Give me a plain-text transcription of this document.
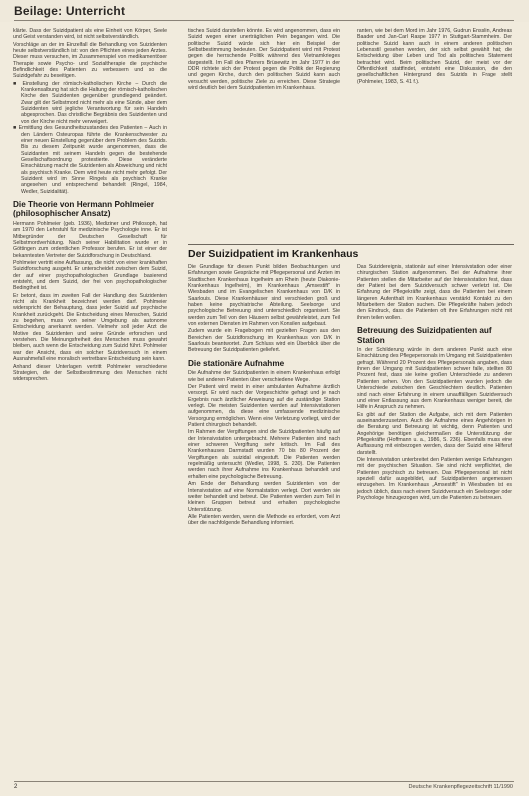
Beilage: Unterricht

klärte. Dass der Suizidpatient als eine Einheit von Körper, Seele und Geist verstanden wird, ist nicht selbstverständlich.

Vorschläge an der im Einzelfall die Behandlung von Suizidenten heute selbstverständlich ist: von den Pflichten eines jeden Arztes. Dieser muss versuchen, im Zusammenspiel von medikamentöser Therapie sowie Psycho- und Sozialtherapie die psychische Befindlichkeit des Patienten zu verbessern und so die Suizidgefahr zu beseitigen.

■ Einstellung der römisch-katholischen Kirche – Durch die Krankensalbung hat sich die Haltung der römisch-katholischen Kirche den Suizidenten gegenüber grundlegend geändert. Zwar gilt der Selbstmord nicht mehr als eine Sünde, aber dem Suizidenten wird jegliche Verantwortung für sein Handeln abgesprochen. Das christliche Begräbnis des Suizidenten und von der Kirche nicht mehr verweigert.

■ Ermittlung des Gesundheitszustandes des Patienten – Auch in den Ländern Osteuropas führte die Krankenschwester zu einer neuen Einstellung gegenüber dem Problem des Suizids. Bis zu diesem Zeitpunkt wurde angenommen, dass die Suizidanten mit seinem Handeln gegen die bestehende Gesellschaftsordnung protestierte. Diese veränderte Einschätzung macht die Suizidenten als Abweichung und nicht als psychisch Kranke. Dem wird heute nicht mehr gefolgt. Der Suizident wird im Sinne Ringels als psychisch Kranke angesehen und entsprechend behandelt (Ringel, 1984, Wedler, Suizidalität).

Die Theorie von Hermann Pohlmeier (philosophischer Ansatz)

Hermann Pohlmeier (geb. 1936), Mediziner und Philosoph, hat am 1970 den Lehrstuhl für medizinische Psychologie inne. Er ist Mitbegründer der Deutschen Gesellschaft für Selbstmordverhütung. Nach seiner Habilitation wurde er in Göttingen zum ordentlichen Professor berufen. Er ist einer der bekanntesten Vertreter der Suizidforschung in Deutschland.

Pohlmeier vertritt eine Auffassung, die nicht von einer krankhaften Suizidforschung ausgeht. Er unterscheidet zwischen dem Suizid, der auf einer psychopathologischen Grundlage basierend entsteht, und dem Suizid, der frei von psychopathologischer Bedingtheit ist.

Er betont, dass im zweiten Fall der Handlung des Suizidenten nicht als Krankheit bezeichnet werden darf. Pohlmeier widerspricht der Behauptung, dass jeder Suizid auf psychische Krankheit zurückgeht. Die Entscheidung eines Menschen, Suizid zu begehen, muss von seiner Umgebung als autonome Entscheidung anerkannt werden. Vielmehr soll jeder Arzt die Motive des Suizidenten und seine Gründe erforschen und verstehen. Die Meinungsfreiheit des Menschen muss gewahrt bleiben, auch wenn die Entscheidung zum Suizid führt. Pohlmeier war der Ansicht, dass ein solcher Suizidversuch in einem Ausnahmefall eine moralisch vertretbare Entscheidung sein kann.

Anhand dieser Unterlagen vertritt Pohlmeier verschiedene Strategien, die der Selbstbestimmung des Menschen nicht widersprechen.

tisches Suizid darstellen könnte. Es wird angenommen, dass ein Suizid wegen einer unerträglichen Pein begangen wird. Die politische Suizid würde sich hier ein Beispiel der Selbstbestimmung bedeuten. Der Suizidpatient wird mit Protest gegen die herrschende Politik während des Vietnamkrieges dargestellt. Im Fall des Pfarrers Brüsewitz im Jahr 1977 in der DDR richtete sich der Protest gegen die Politik der Regierung und gegen Kirche, durch den politischen Suizid kann auch versucht werden, politische Ziele zu erreichen. Diese Strategie wird deutlich bei dem Suizidpatienten im Krankenhaus.

Der Suizidpatient im Krankenhaus

Die Grundlage für diesen Punkt bilden Beobachtungen und Erfahrungen sowie Gespräche mit Pflegepersonal und Ärzten im Stadtischen Krankenhaus Ingelheim am Rhein (heute Diakonie-Krankenhaus Ingelheim), im Krankenhaus „Amsestift" in Wiesbaden und im Evangelischen Krankenhaus von D/K in Saarlouis. Diese Krankenhäuser sind verschieden groß und haben keine psychiatrische Abteilung. Seelsorge und psychologische Betreuung sind unterschiedlich organisiert. Sie werden zum Teil von den Häusern selbst gewährleistet, zum Teil von externen Diensten im Rahmen von Konsilen aufgebaut.

Zudem wurde ein Fragebogen mit gezielten Fragen aus den Bereichen der Suizidforschung im Krankenhaus von D/K in Saarlouis beantwortet. Zum Schluss wird ein Überblick über die Betreuung der Suizidpatienten geliefert.

Die stationäre Aufnahme

Die Aufnahme der Suizidpatienten in einem Krankenhaus erfolgt wie bei anderen Patienten über verschiedene Wege.

Der Patient wird meist in einer ambulanten Aufnahme ärztlich versorgt. Er wird nach der Vorgeschichte gefragt und je nach Ergebnis nach ärztlicher Anweisung auf die zuständige Station verlegt. Die meisten Suizidenten werden auf Intensivstationen aufgenommen, da diese eine umfassende medizinische Versorgung ermöglichen. Wenn eine Verletzung vorliegt, wird der Patient chirurgisch behandelt.

Im Rahmen der Vergiftungen sind die Suizidpatienten häufig auf der Intensivstation untergebracht. Mehrere Patienten sind nach einer schweren Vergiftung sehr kritisch. Im Fall des Krankenhauses Darmstadt wurden 70 bis 80 Prozent der Vergiftungen als suizidal eingestuft. Die Patienten werden regelmäßig untersucht (Wedler, 1998, S. 230). Die Patienten werden nach ihrer Aufnahme ins Krankenhaus behandelt und erhalten eine psychologische Betreuung.

Am Ende der Behandlung werden Suizidenten von der Intensivstation auf eine Normalstation verlegt. Dort werden sie weiter behandelt und betreut. Die Patienten werden zum Teil in kleinen Gruppen betreut und erhalten psychologische Unterstützung.

Alle Patienten werden, wenn die Methode es erfordert, vom Arzt über die nachfolgende Behandlung informiert.

ranten, wie bei dem Mord im Jahr 1976, Gudrun Ensslin, Andreas Baader und Jan-Carl Raspe 1977 in Stuttgart-Stammheim. Der politische Suizid kann auch in einem anderen politischen Lebensstil gesehen werden, der sich selbst gewählt hat; die Entscheidung über Leben und Tod als politisches Statement betrachtet wird. Beim politischen Suizid, der meist vor der Öffentlichkeit stattfindet, entsteht eine Diskussion, die den gesellschaftlichen Hintergrund des Suizids in Frage stellt (Pohlmeier, 1983, S. 41 f.).

Das Suizidereignis, stationär auf einer Intensivstation oder einer chirurgischen Station aufgenommen. Bei der Aufnahme ihrer Patienten stellen die Mitarbeiter auf der Intensivstation fest, dass der Patient bei dem Suizidversuch schwer verletzt ist. Die Erfahrung der Pflegekräfte zeigt, dass die Patienten bei einem längeren Aufenthalt im Krankenhaus verstärkt Kontakt zu den Mitarbeitern der Station suchen. Die Pflegekräfte haben jedoch den Eindruck, dass die Patienten oft ihre Erfahrungen nicht mit ihnen teilen wollen.

Betreuung des Suizidpatienten auf Station

In der Schilderung würde in dem anderen Punkt auch eine Einschätzung des Pflegepersonals im Umgang mit Suizidpatienten gefragt. Während 20 Prozent des Pflegepersonals angaben, dass ihnen der Umgang mit Suizidpatienten schwer falle, stellten 80 Prozent fest, dass sie keine großen Unterschiede zu anderen Patienten sehen. Von den Suizidpatienten wurden jedoch die Unterschiede zwischen den Geschlechtern deutlich. Patienten sind nach einer Erfahrung in einem unauffälligen Suizidversuch und einer Entlassung aus dem Krankenhaus weniger bereit, die Hilfe in Anspruch zu nehmen.

Es gibt auf der Station die Aufgabe, sich mit dem Patienten auseinanderzusetzen. Auch die Aufnahme eines Angehörigen in die Beratung und Betreuung ist wichtig, denn Patienten und Angehörige benötigen gleichermaßen die Unterstützung der Pflegekräfte (Hoffmann u. a., 1986, S. 236). Ebenfalls muss eine Auffassung mit einbezogen werden, dass der Suizid eine Hilferuf darstellt.

Die Intensivstation unterbreitet den Patienten wenige Erfahrungen mit der psychischen Situation. Sie sind nicht verpflichtet, die Patienten psychisch zu betreuen. Das Pflegepersonal ist nicht speziell dafür ausgebildet, auf Suizidpatienten angemessen einzugehen. Im Krankenhaus „Amsestift" in Wiesbaden ist es jedoch üblich, dass nach einem Suizidversuch ein Seelsorger oder Psychologe hinzugezogen wird, um die Patienten zu betreuen.

2	Deutsche Krankenpflegezeitschrift 11/1990
